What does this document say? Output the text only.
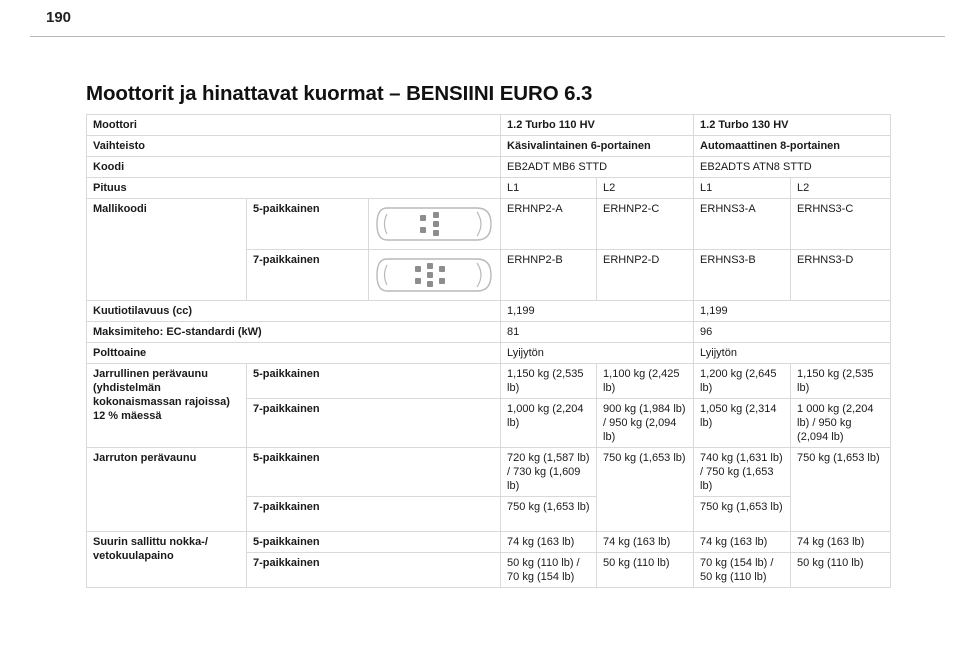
190
Moottorit ja hinattavat kuormat – BENSIINI EURO 6.3
Moottori			1.2 Turbo 110 HV		1.2 Turbo 130 HV	
Vaihteisto			Käsivalintainen 6-portainen		Automaattinen 8-portainen	
Koodi			EB2ADT MB6 STTD		EB2ADTS ATN8 STTD	
Pituus			L1	L2	L1	L2
Mallikoodi	5-paikkainen		ERHNP2-A	ERHNP2-C	ERHNS3-A	ERHNS3-C
	7-paikkainen		ERHNP2-B	ERHNP2-D	ERHNS3-B	ERHNS3-D
Kuutiotilavuus (cc)			1,199		1,199	
Maksimiteho: EC-standardi (kW)			81		96	
Polttoaine			Lyijytön		Lyijytön	
Jarrullinen perävaunu (yhdistelmän kokonaismassan rajoissa) 12 % mäessä	5-paikkainen		1,150 kg (2,535 lb)	1,100 kg (2,425 lb)	1,200 kg (2,645 lb)	1,150 kg (2,535 lb)
	7-paikkainen		1,000 kg (2,204 lb)	900 kg (1,984 lb) / 950 kg (2,094 lb)	1,050 kg (2,314 lb)	1 000 kg (2,204 lb) / 950 kg (2,094 lb)
Jarruton perävaunu	5-paikkainen		720 kg (1,587 lb) / 730 kg (1,609 lb)	750 kg (1,653 lb)	740 kg (1,631 lb) / 750 kg (1,653 lb)	750 kg (1,653 lb)
	7-paikkainen		750 kg (1,653 lb)		750 kg (1,653 lb)	
Suurin sallittu nokka-/ vetokuulapaino	5-paikkainen		74 kg (163 lb)	74 kg (163 lb)	74 kg (163 lb)	74 kg (163 lb)
	7-paikkainen		50 kg (110 lb) / 70 kg (154 lb)	50 kg (110 lb)	70 kg (154 lb) / 50 kg (110 lb)	50 kg (110 lb)
